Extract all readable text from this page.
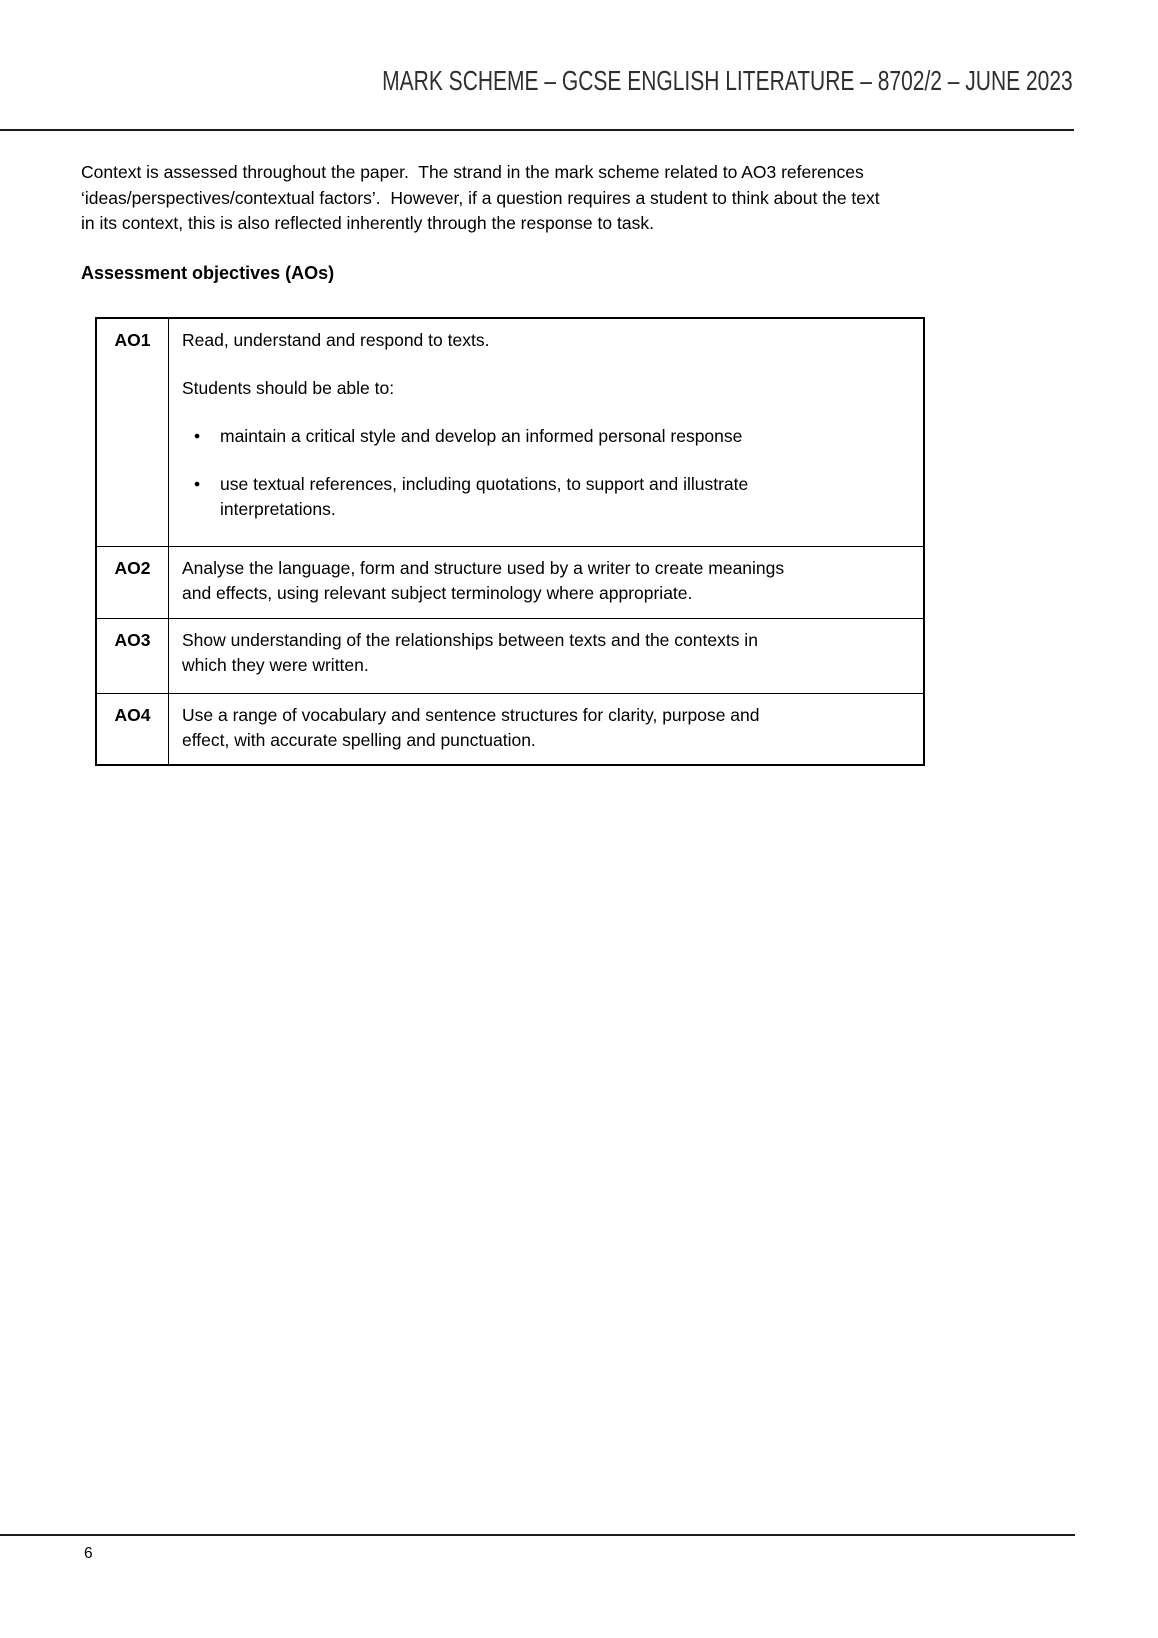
MARK SCHEME – GCSE ENGLISH LITERATURE – 8702/2 – JUNE 2023
Context is assessed throughout the paper.  The strand in the mark scheme related to AO3 references
‘ideas/perspectives/contextual factors’.  However, if a question requires a student to think about the text
in its context, this is also reflected inherently through the response to task.
Assessment objectives (AOs)
AO1	Read, understand and respond to texts.
Students should be able to:
•	maintain a critical style and develop an informed personal response
•	use textual references, including quotations, to support and illustrate
interpretations.

AO2	Analyse the language, form and structure used by a writer to create meanings
and effects, using relevant subject terminology where appropriate.

AO3	Show understanding of the relationships between texts and the contexts in
which they were written.

AO4	Use a range of vocabulary and sentence structures for clarity, purpose and
effect, with accurate spelling and punctuation.
6
